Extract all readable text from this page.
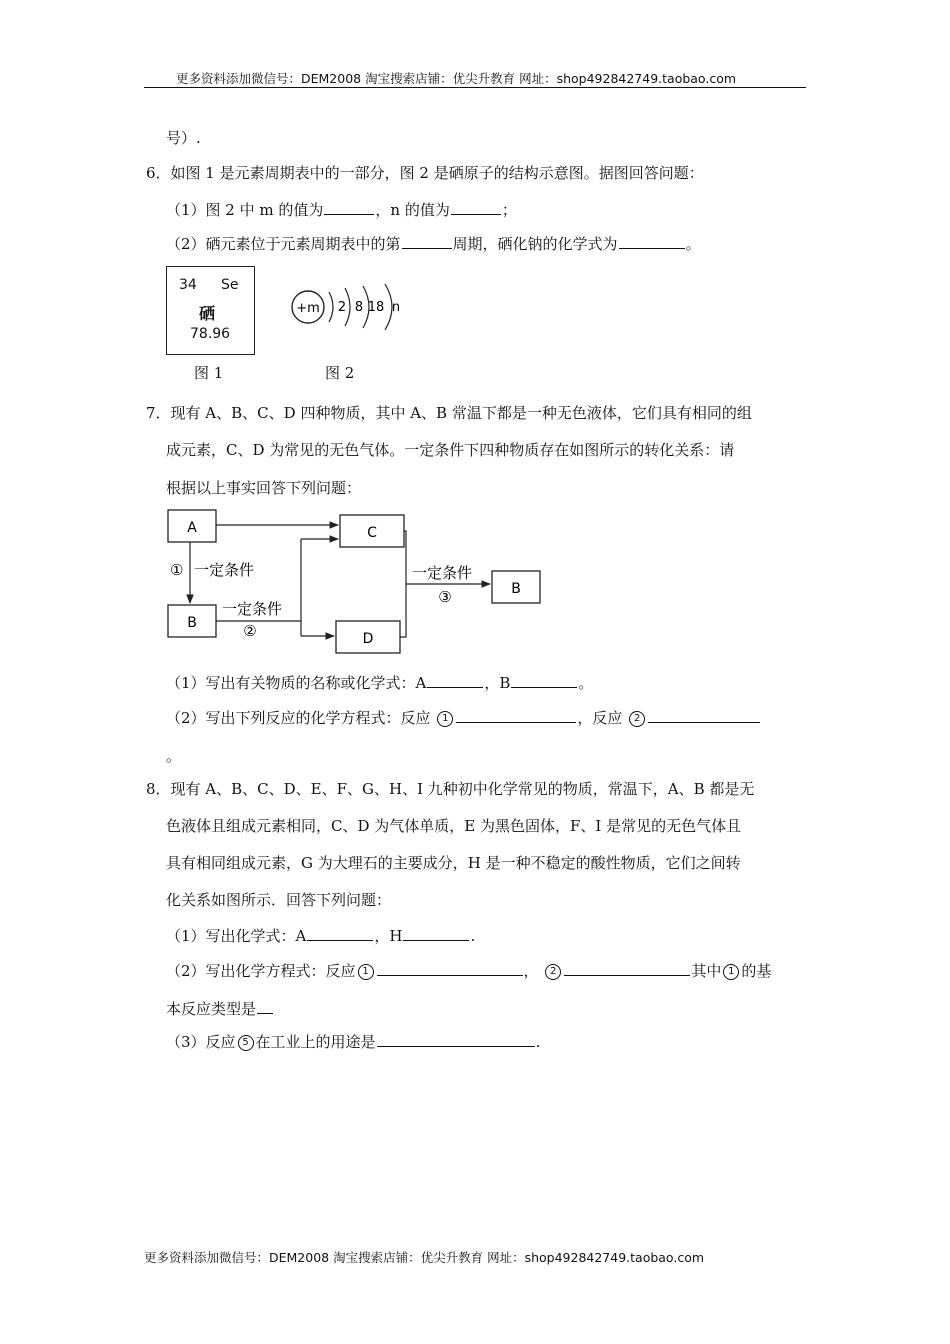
更多资料添加微信号：DEM2008 淘宝搜索店铺：优尖升教育 网址：shop492842749.taobao.com
号）.
6．如图 1 是元素周期表中的一部分，图 2 是硒原子的结构示意图。据图回答问题：
（1）图 2 中 m 的值为	，n 的值为	；
（2）硒元素位于元素周期表中的第	周期，硒化钠的化学式为	。
34 Se
硒
78.96
图 1
+m 2 8 18 n
图 2
7．现有 A、B、C、D 四种物质，其中 A、B 常温下都是一种无色液体，它们具有相同的组
成元素，C、D 为常见的无色气体。一定条件下四种物质存在如图所示的转化关系：请
根据以上事实回答下列问题：
A
B
C
D
B
① 一定条件
一定条件
②
一定条件
③
（1）写出有关物质的名称或化学式：A	，B	。
（2）写出下列反应的化学方程式：反应 1	，反应 2
。
8．现有 A、B、C、D、E、F、G、H、I 九种初中化学常见的物质，常温下，A、B 都是无
色液体且组成元素相同，C、D 为气体单质，E 为黑色固体，F、I 是常见的无色气体且
具有相同组成元素，G 为大理石的主要成分，H 是一种不稳定的酸性物质，它们之间转
化关系如图所示．回答下列问题：
（1）写出化学式：A	，H	.
（2）写出化学方程式：反应 1	， 2	其中 1 的基
本反应类型是
（3）反应 5 在工业上的用途是	.
更多资料添加微信号：DEM2008 淘宝搜索店铺：优尖升教育 网址：shop492842749.taobao.com
